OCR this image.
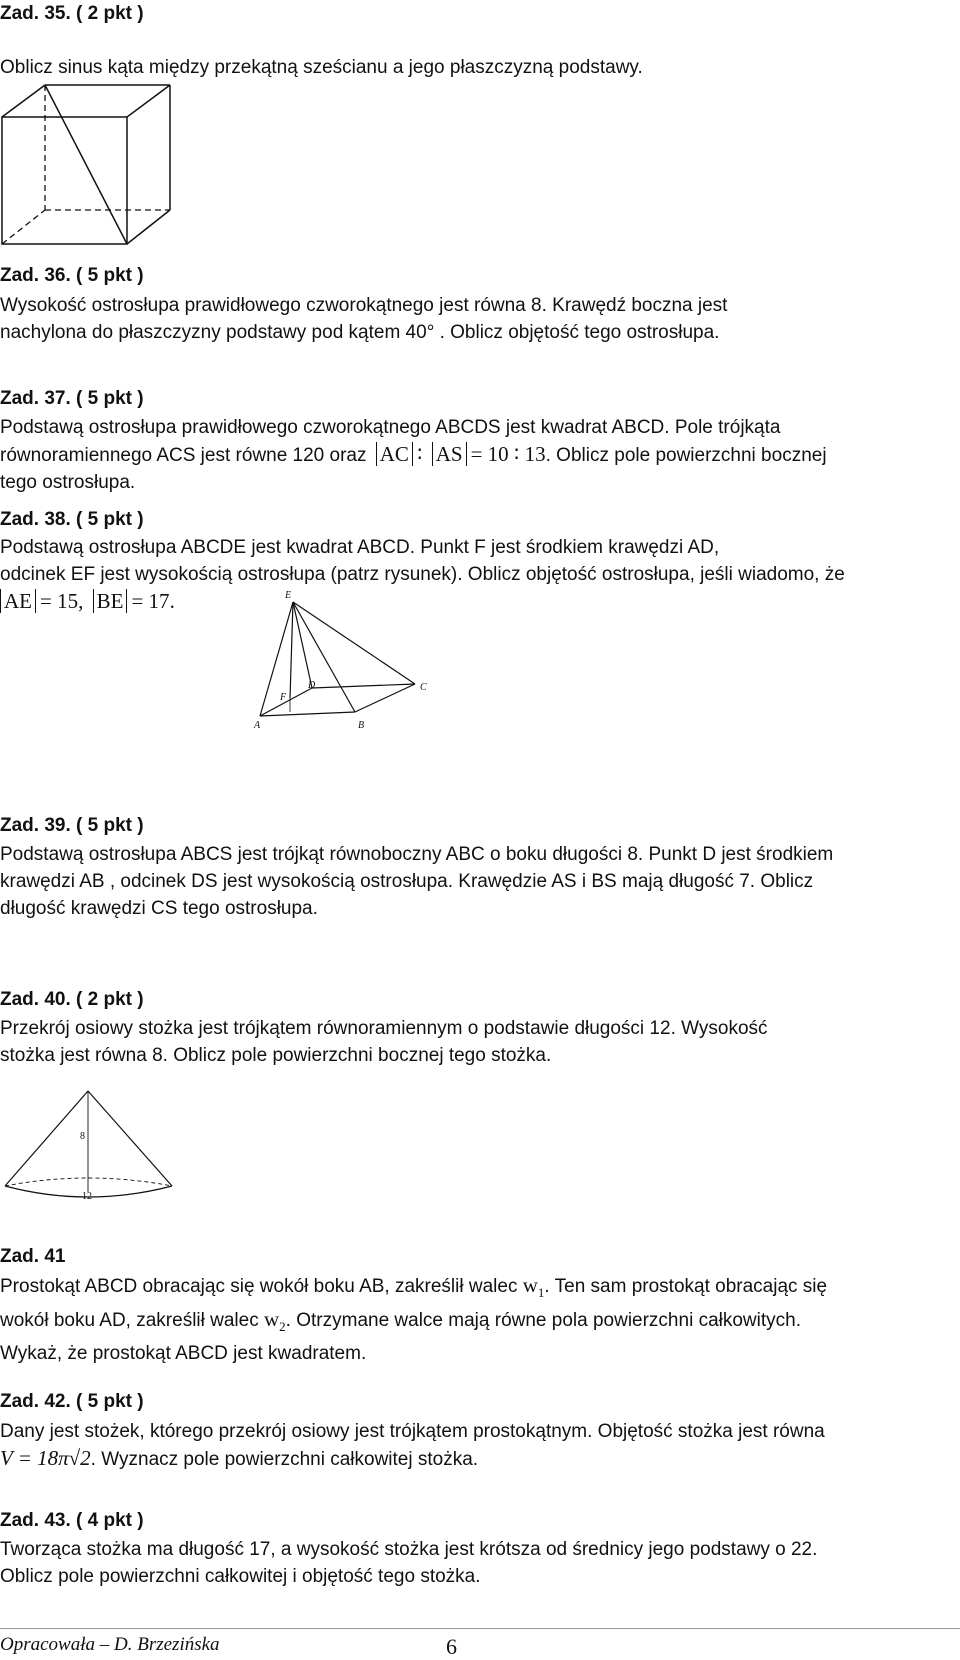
Zad. 35. ( 2 pkt )
Oblicz sinus kąta między przekątną sześcianu a jego płaszczyzną podstawy.
Zad. 36. ( 5 pkt )

Wysokość ostrosłupa prawidłowego czworokątnego jest równa 8. Krawędź boczna jest

nachylona do płaszczyzny podstawy pod kątem 40° . Oblicz objętość tego ostrosłupa.

Zad. 37. ( 5 pkt )

Podstawą ostrosłupa prawidłowego czworokątnego ABCDS jest kwadrat ABCD. Pole trójkąta

równoramiennego ACS jest równe 120 oraz AC ∶ AS = 10 ∶ 13. Oblicz pole powierzchni bocznej

tego ostrosłupa.

Zad. 38. ( 5 pkt )

Podstawą ostrosłupa ABCDE jest kwadrat ABCD. Punkt F jest środkiem krawędzi AD,

odcinek EF jest wysokością ostrosłupa (patrz rysunek). Oblicz objętość ostrosłupa, jeśli wiadomo, że

AE = 15, BE = 17.	E
F
D	C
A	B
Zad. 39. ( 5 pkt )

Podstawą ostrosłupa ABCS jest trójkąt równoboczny ABC o boku długości 8. Punkt D jest środkiem

krawędzi AB , odcinek DS jest wysokością ostrosłupa. Krawędzie AS i BS mają długość 7. Oblicz

długość krawędzi CS tego ostrosłupa.

Zad. 40. ( 2 pkt )

Przekrój osiowy stożka jest trójkątem równoramiennym o podstawie długości 12. Wysokość

stożka jest równa 8. Oblicz pole powierzchni bocznej tego stożka.

8
12
Zad. 41

Prostokąt ABCD obracając się wokół boku AB, zakreślił walec $w_1$. Ten sam prostokąt obracając się

wokół boku AD, zakreślił walec $w_2$. Otrzymane walce mają równe pola powierzchni całkowitych.

Wykaż, że prostokąt ABCD jest kwadratem.

Zad. 42. ( 5 pkt )

Dany jest stożek, którego przekrój osiowy jest trójkątem prostokątnym. Objętość stożka jest równa

V = 18π√2. Wyznacz pole powierzchni całkowitej stożka.

Zad. 43. ( 4 pkt )

Tworząca stożka ma długość 17, a wysokość stożka jest krótsza od średnicy jego podstawy o 22.

Oblicz pole powierzchni całkowitej i objętość tego stożka.

Opracowała – D. Brzezińska	6
